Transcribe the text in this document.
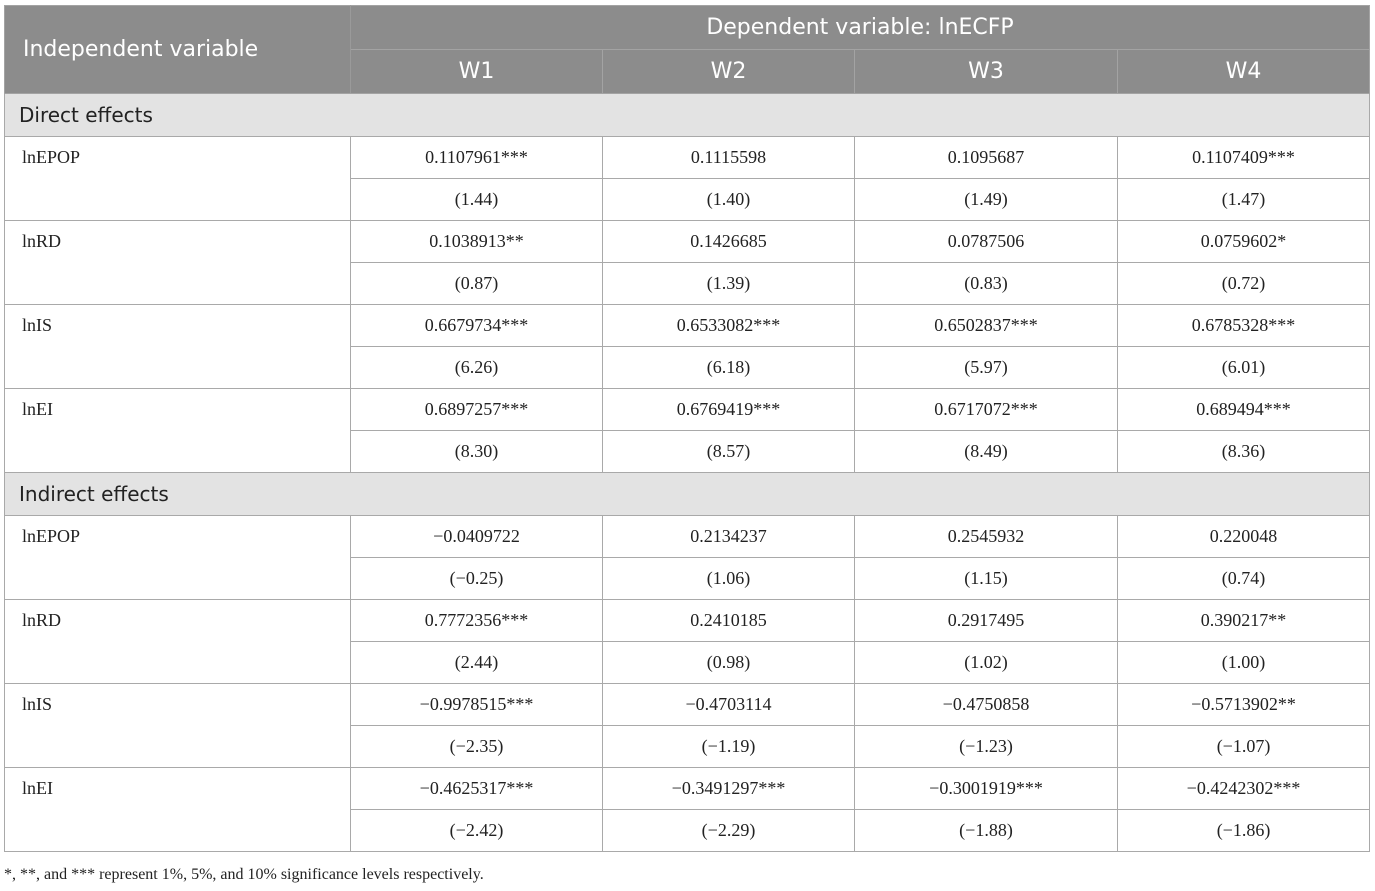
Independent variable	Dependent variable: lnECFP			
	W1	W2	W3	W4
Direct effects				
lnEPOP	0.1107961***	0.1115598	0.1095687	0.1107409***
	(1.44)	(1.40)	(1.49)	(1.47)
lnRD	0.1038913**	0.1426685	0.0787506	0.0759602*
	(0.87)	(1.39)	(0.83)	(0.72)
lnIS	0.6679734***	0.6533082***	0.6502837***	0.6785328***
	(6.26)	(6.18)	(5.97)	(6.01)
lnEI	0.6897257***	0.6769419***	0.6717072***	0.689494***
	(8.30)	(8.57)	(8.49)	(8.36)
Indirect effects				
lnEPOP	−0.0409722	0.2134237	0.2545932	0.220048
	(−0.25)	(1.06)	(1.15)	(0.74)
lnRD	0.7772356***	0.2410185	0.2917495	0.390217**
	(2.44)	(0.98)	(1.02)	(1.00)
lnIS	−0.9978515***	−0.4703114	−0.4750858	−0.5713902**
	(−2.35)	(−1.19)	(−1.23)	(−1.07)
lnEI	−0.4625317***	−0.3491297***	−0.3001919***	−0.4242302***
	(−2.42)	(−2.29)	(−1.88)	(−1.86)
*, **, and *** represent 1%, 5%, and 10% significance levels respectively.
